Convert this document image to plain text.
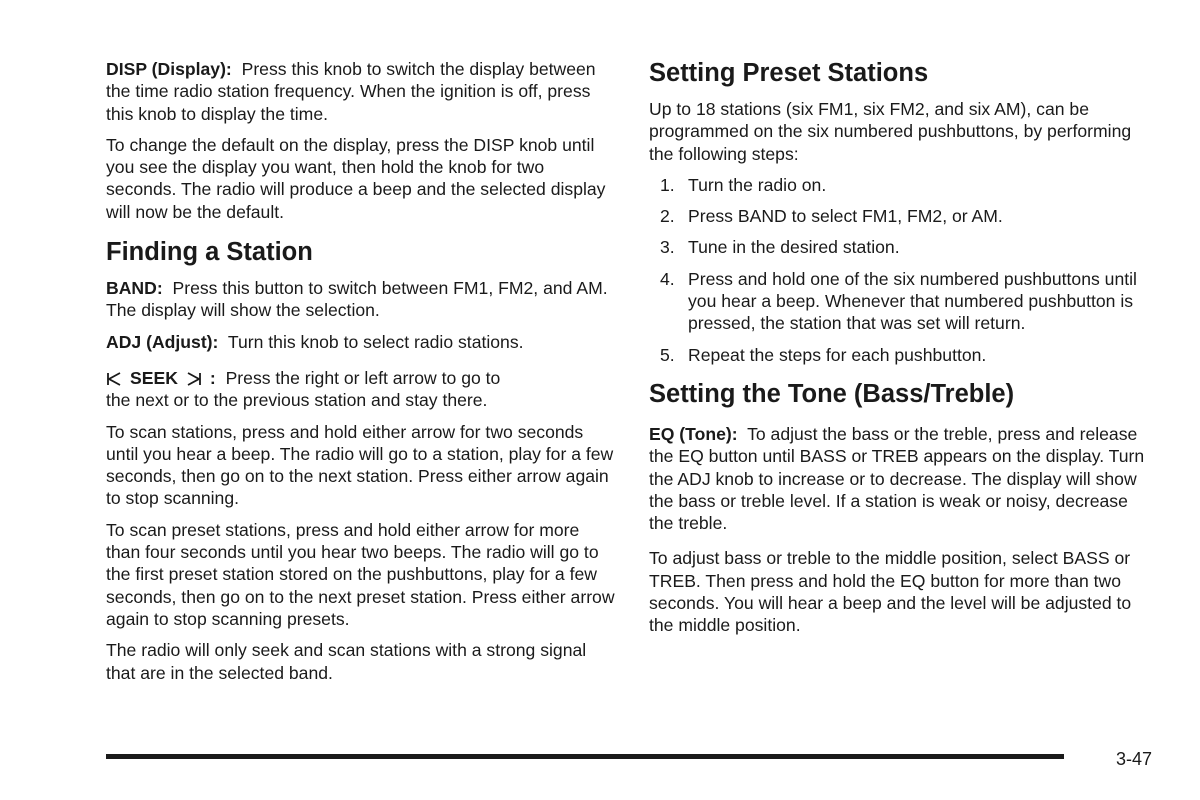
DISP (Display): Press this knob to switch the display between the time radio station frequency. When the ignition is off, press this knob to display the time.

To change the default on the display, press the DISP knob until you see the display you want, then hold the knob for two seconds. The radio will produce a beep and the selected display will now be the default.

Finding a Station

BAND: Press this button to switch between FM1, FM2, and AM. The display will show the selection.

ADJ (Adjust): Turn this knob to select radio stations.

SEEK : Press the right or left arrow to go to
the next or to the previous station and stay there.

To scan stations, press and hold either arrow for two seconds until you hear a beep. The radio will go to a station, play for a few seconds, then go on to the next station. Press either arrow again to stop scanning.

To scan preset stations, press and hold either arrow for more than four seconds until you hear two beeps. The radio will go to the first preset station stored on the pushbuttons, play for a few seconds, then go on to the next preset station. Press either arrow again to stop scanning presets.

The radio will only seek and scan stations with a strong signal that are in the selected band.

Setting Preset Stations

Up to 18 stations (six FM1, six FM2, and six AM), can be programmed on the six numbered pushbuttons, by performing the following steps:

1. Turn the radio on.
2. Press BAND to select FM1, FM2, or AM.
3. Tune in the desired station.
4. Press and hold one of the six numbered pushbuttons until you hear a beep. Whenever that numbered pushbutton is pressed, the station that was set will return.
5. Repeat the steps for each pushbutton.
Setting the Tone (Bass/Treble)

EQ (Tone): To adjust the bass or the treble, press and release the EQ button until BASS or TREB appears on the display. Turn the ADJ knob to increase or to decrease. The display will show the bass or treble level. If a station is weak or noisy, decrease the treble.

To adjust bass or treble to the middle position, select BASS or TREB. Then press and hold the EQ button for more than two seconds. You will hear a beep and the level will be adjusted to the middle position.

3-47
